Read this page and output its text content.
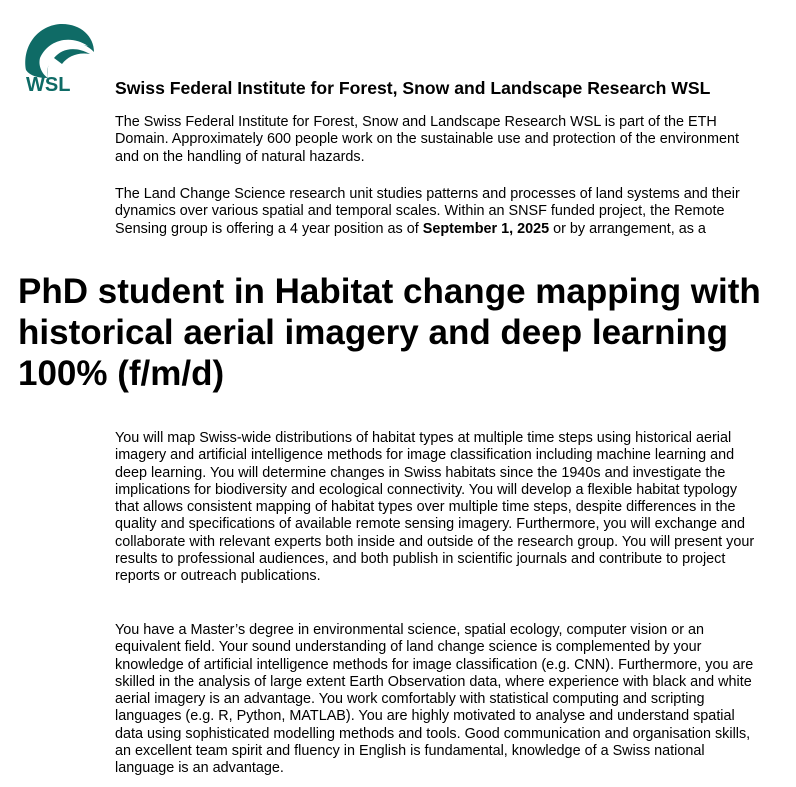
WSL	Swiss Federal Institute for Forest, Snow and Landscape Research WSL

The Swiss Federal Institute for Forest, Snow and Landscape Research WSL is part of the ETH Domain. Approximately 600 people work on the sustainable use and protection of the environment and on the handling of natural hazards.

The Land Change Science research unit studies patterns and processes of land systems and their dynamics over various spatial and temporal scales. Within an SNSF funded project, the Remote Sensing group is offering a 4 year position as of September 1, 2025 or by arrangement, as a

PhD student in Habitat change mapping with historical aerial imagery and deep learning 100% (f/m/d)

You will map Swiss-wide distributions of habitat types at multiple time steps using historical aerial imagery and artificial intelligence methods for image classification including machine learning and deep learning. You will determine changes in Swiss habitats since the 1940s and investigate the implications for biodiversity and ecological connectivity. You will develop a flexible habitat typology that allows consistent mapping of habitat types over multiple time steps, despite differences in the quality and specifications of available remote sensing imagery. Furthermore, you will exchange and collaborate with relevant experts both inside and outside of the research group. You will present your results to professional audiences, and both publish in scientific journals and contribute to project reports or outreach publications.

You have a Master’s degree in environmental science, spatial ecology, computer vision or an equivalent field. Your sound understanding of land change science is complemented by your knowledge of artificial intelligence methods for image classification (e.g. CNN). Furthermore, you are skilled in the analysis of large extent Earth Observation data, where experience with black and white aerial imagery is an advantage. You work comfortably with statistical computing and scripting languages (e.g. R, Python, MATLAB). You are highly motivated to analyse and understand spatial data using sophisticated modelling methods and tools. Good communication and organisation skills, an excellent team spirit and fluency in English is fundamental, knowledge of a Swiss national language is an advantage.
